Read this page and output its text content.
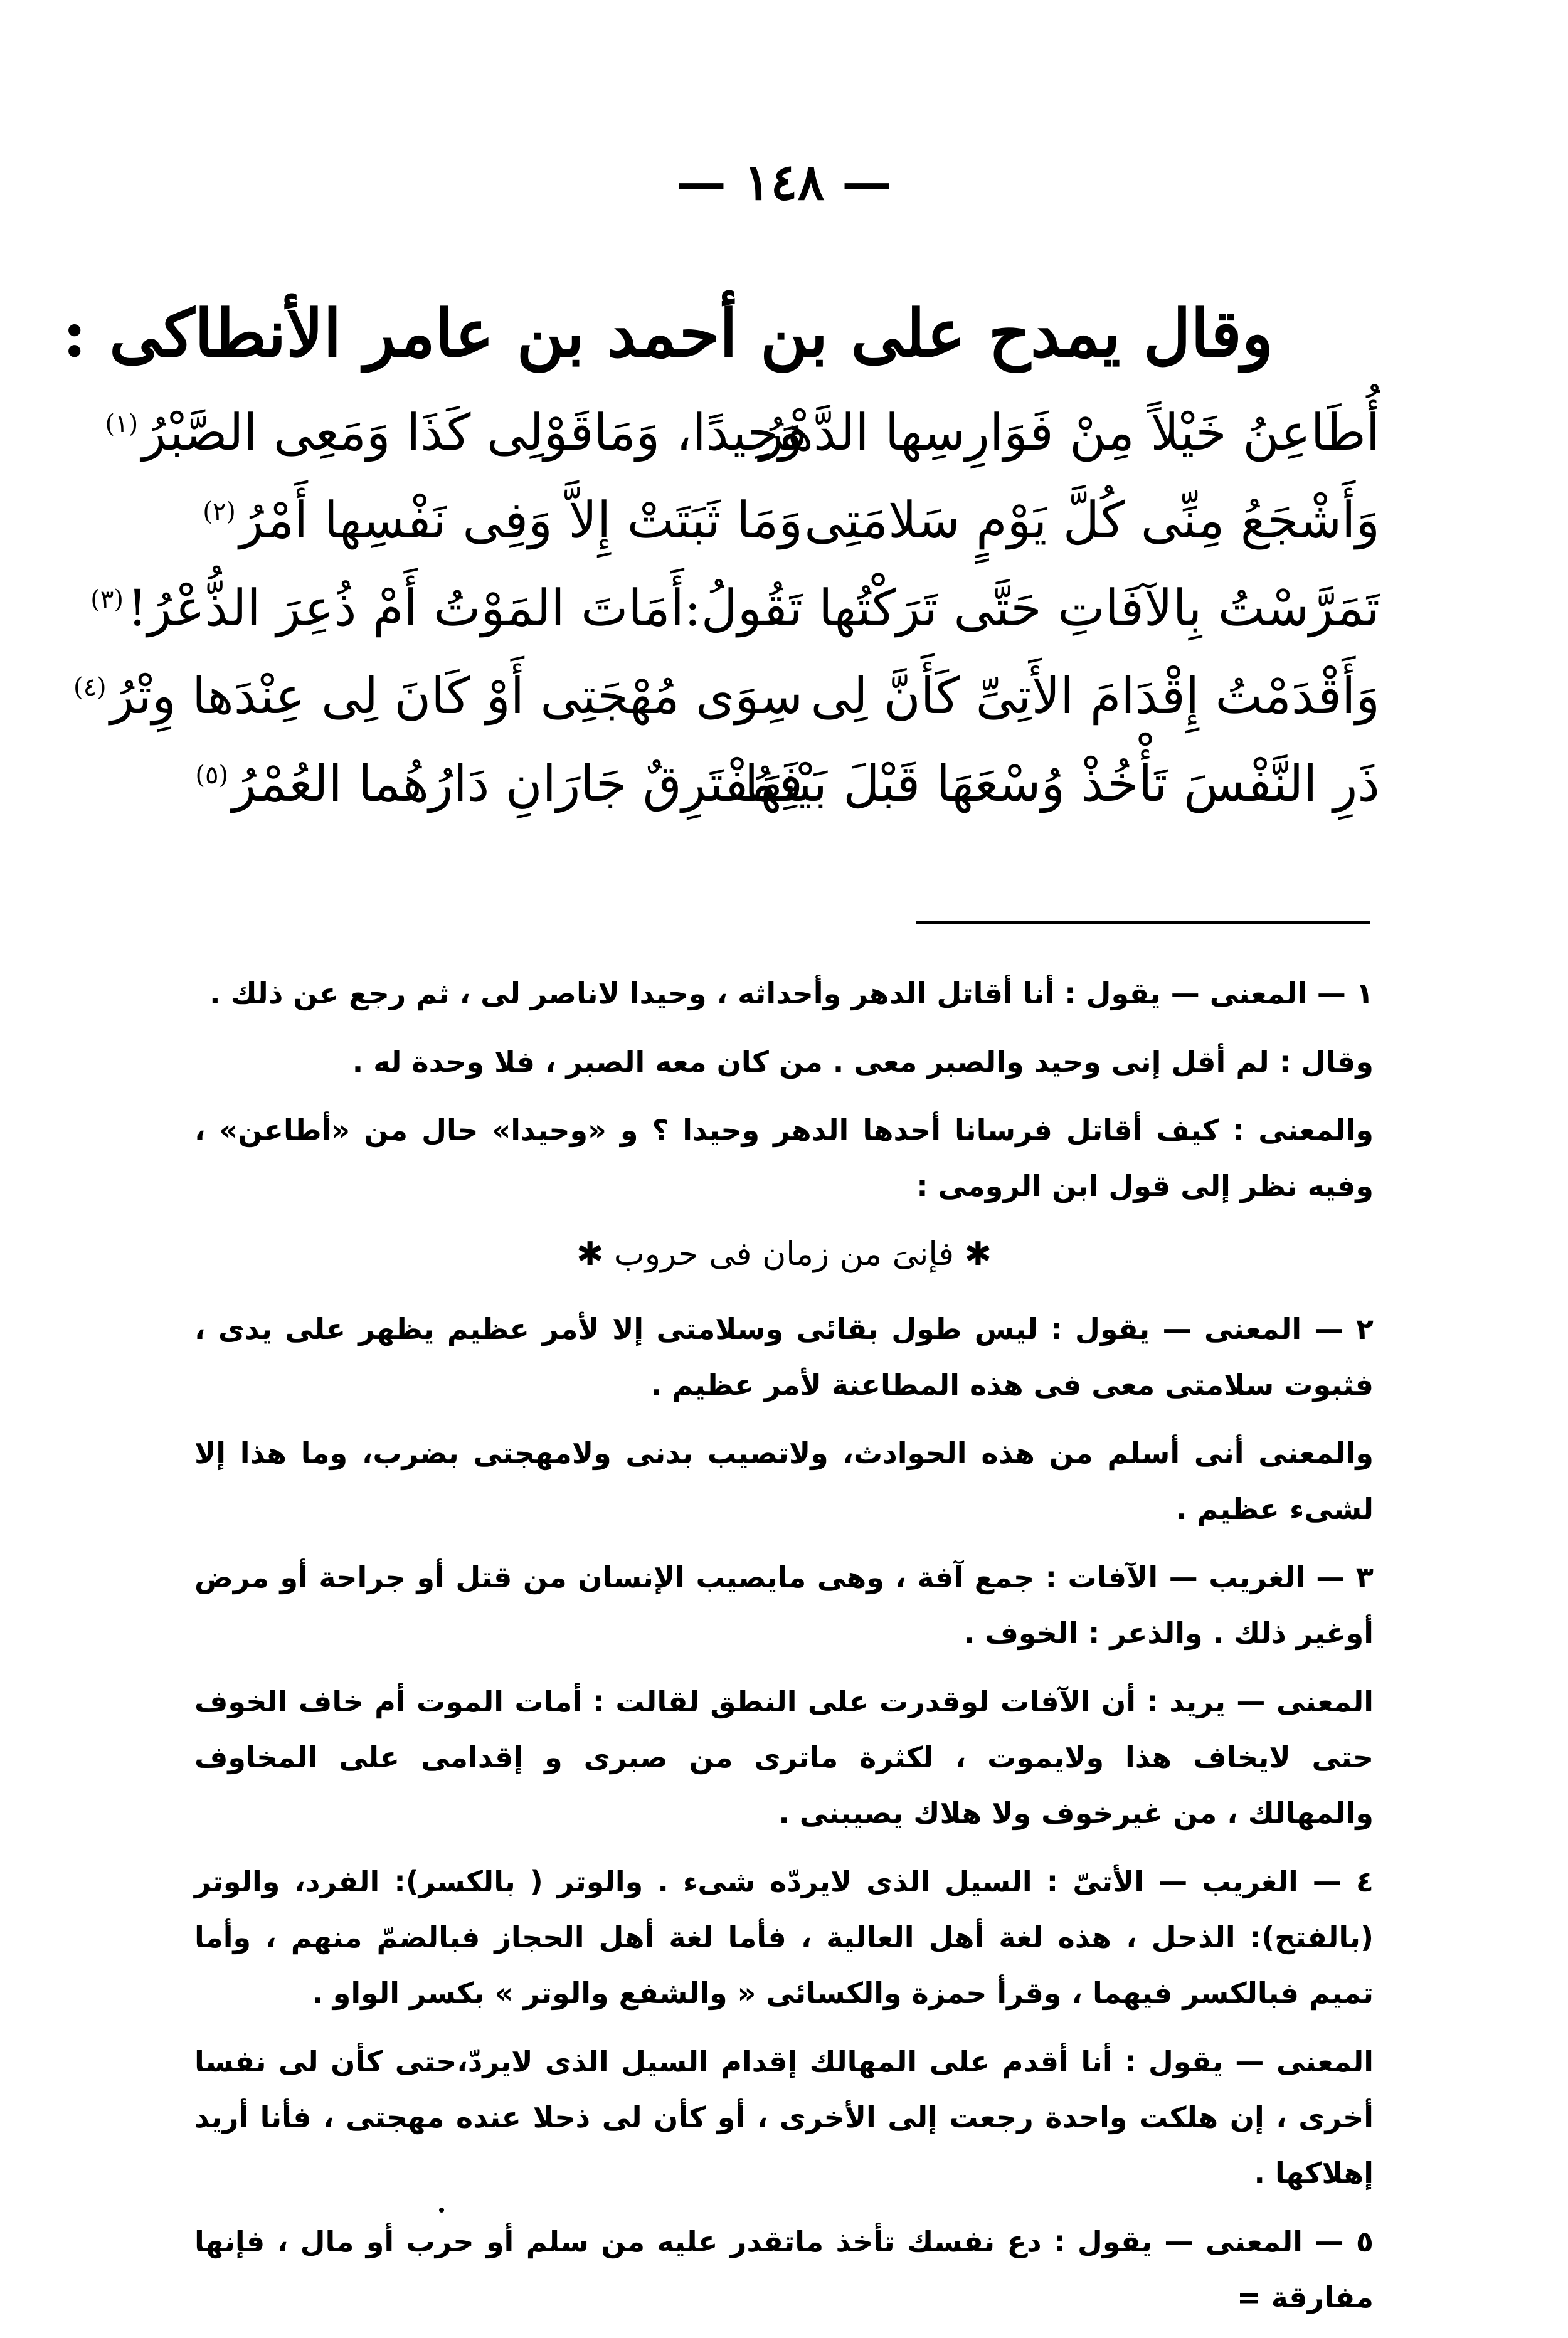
— ١٤٨ —
وقال يمدح على بن أحمد بن عامر الأنطاكى :
أُطَاعِنُ خَيْلاً مِنْ فَوَارِسِها الدَّهْرُ
وَحِيدًا، وَمَاقَوْلِى كَذَا وَمَعِى الصَّبْرُ$^{(١)}$
وَأَشْجَعُ مِنِّى كُلَّ يَوْمٍ سَلامَتِى
وَمَا ثَبَتَتْ إِلاَّ وَفِى نَفْسِها أَمْرُ$^{(٢)}$
تَمَرَّسْتُ بِالآفَاتِ حَتَّى تَرَكْتُها
تَقُولُ:أَمَاتَ المَوْتُ أَمْ ذُعِرَ الذُّعْرُ!$^{(٣)}$
وَأَقْدَمْتُ إِقْدَامَ الأَتِىِّ كَأَنَّ لِى
سِوَى مُهْجَتِى أَوْ كَانَ لِى عِنْدَها وِتْرُ$^{(٤)}$
ذَرِ النَّفْسَ تَأْخُذْ وُسْعَهَا قَبْلَ بَيْنِهَا
فَمُفْتَرِقٌ جَارَانِ دَارُهُما العُمْرُ$^{(٥)}$

١ — المعنى — يقول : أنا أقاتل الدهر وأحداثه ، وحيدا لاناصر لى ، ثم رجع عن ذلك .

وقال : لم أقل إنى وحيد والصبر معى . من كان معه الصبر ، فلا وحدة له .

والمعنى : كيف أقاتل فرسانا أحدها الدهر وحيدا ؟ و «وحيدا» حال من «أطاعن» ، وفيه نظر إلى قول ابن الرومى :

✱ فإنىَ من زمان فى حروب ✱

٢ — المعنى — يقول : ليس طول بقائى وسلامتى إلا لأمر عظيم يظهر على يدى ، فثبوت سلامتى معى فى هذه المطاعنة لأمر عظيم .

والمعنى أنى أسلم من هذه الحوادث، ولاتصيب بدنى ولامهجتى بضرب، وما هذا إلا لشىء عظيم .

٣ — الغريب — الآفات : جمع آفة ، وهى مايصيب الإنسان من قتل أو جراحة أو مرض أوغير ذلك . والذعر : الخوف .

المعنى — يريد : أن الآفات لوقدرت على النطق لقالت : أمات الموت أم خاف الخوف حتى لايخاف هذا ولايموت ، لكثرة ماترى من صبرى و إقدامى على المخاوف والمهالك ، من غيرخوف ولا هلاك يصيبنى .

٤ — الغريب — الأتىّ : السيل الذى لايردّه شىء . والوتر ( بالكسر): الفرد، والوتر (بالفتح): الذحل ، هذه لغة أهل العالية ، فأما لغة أهل الحجاز فبالضمّ منهم ، وأما تميم فبالكسر فيهما ، وقرأ حمزة والكسائى « والشفع والوتر » بكسر الواو .

المعنى — يقول : أنا أقدم على المهالك إقدام السيل الذى لايردّ،حتى كأن لى نفسا أخرى ، إن هلكت واحدة رجعت إلى الأخرى ، أو كأن لى ذحلا عنده مهجتى ، فأنا أريد إهلاكها .

٥ — المعنى — يقول : دع نفسك تأخذ ماتقدر عليه من سلم أو حرب أو مال ، فإنها مفارقة =
